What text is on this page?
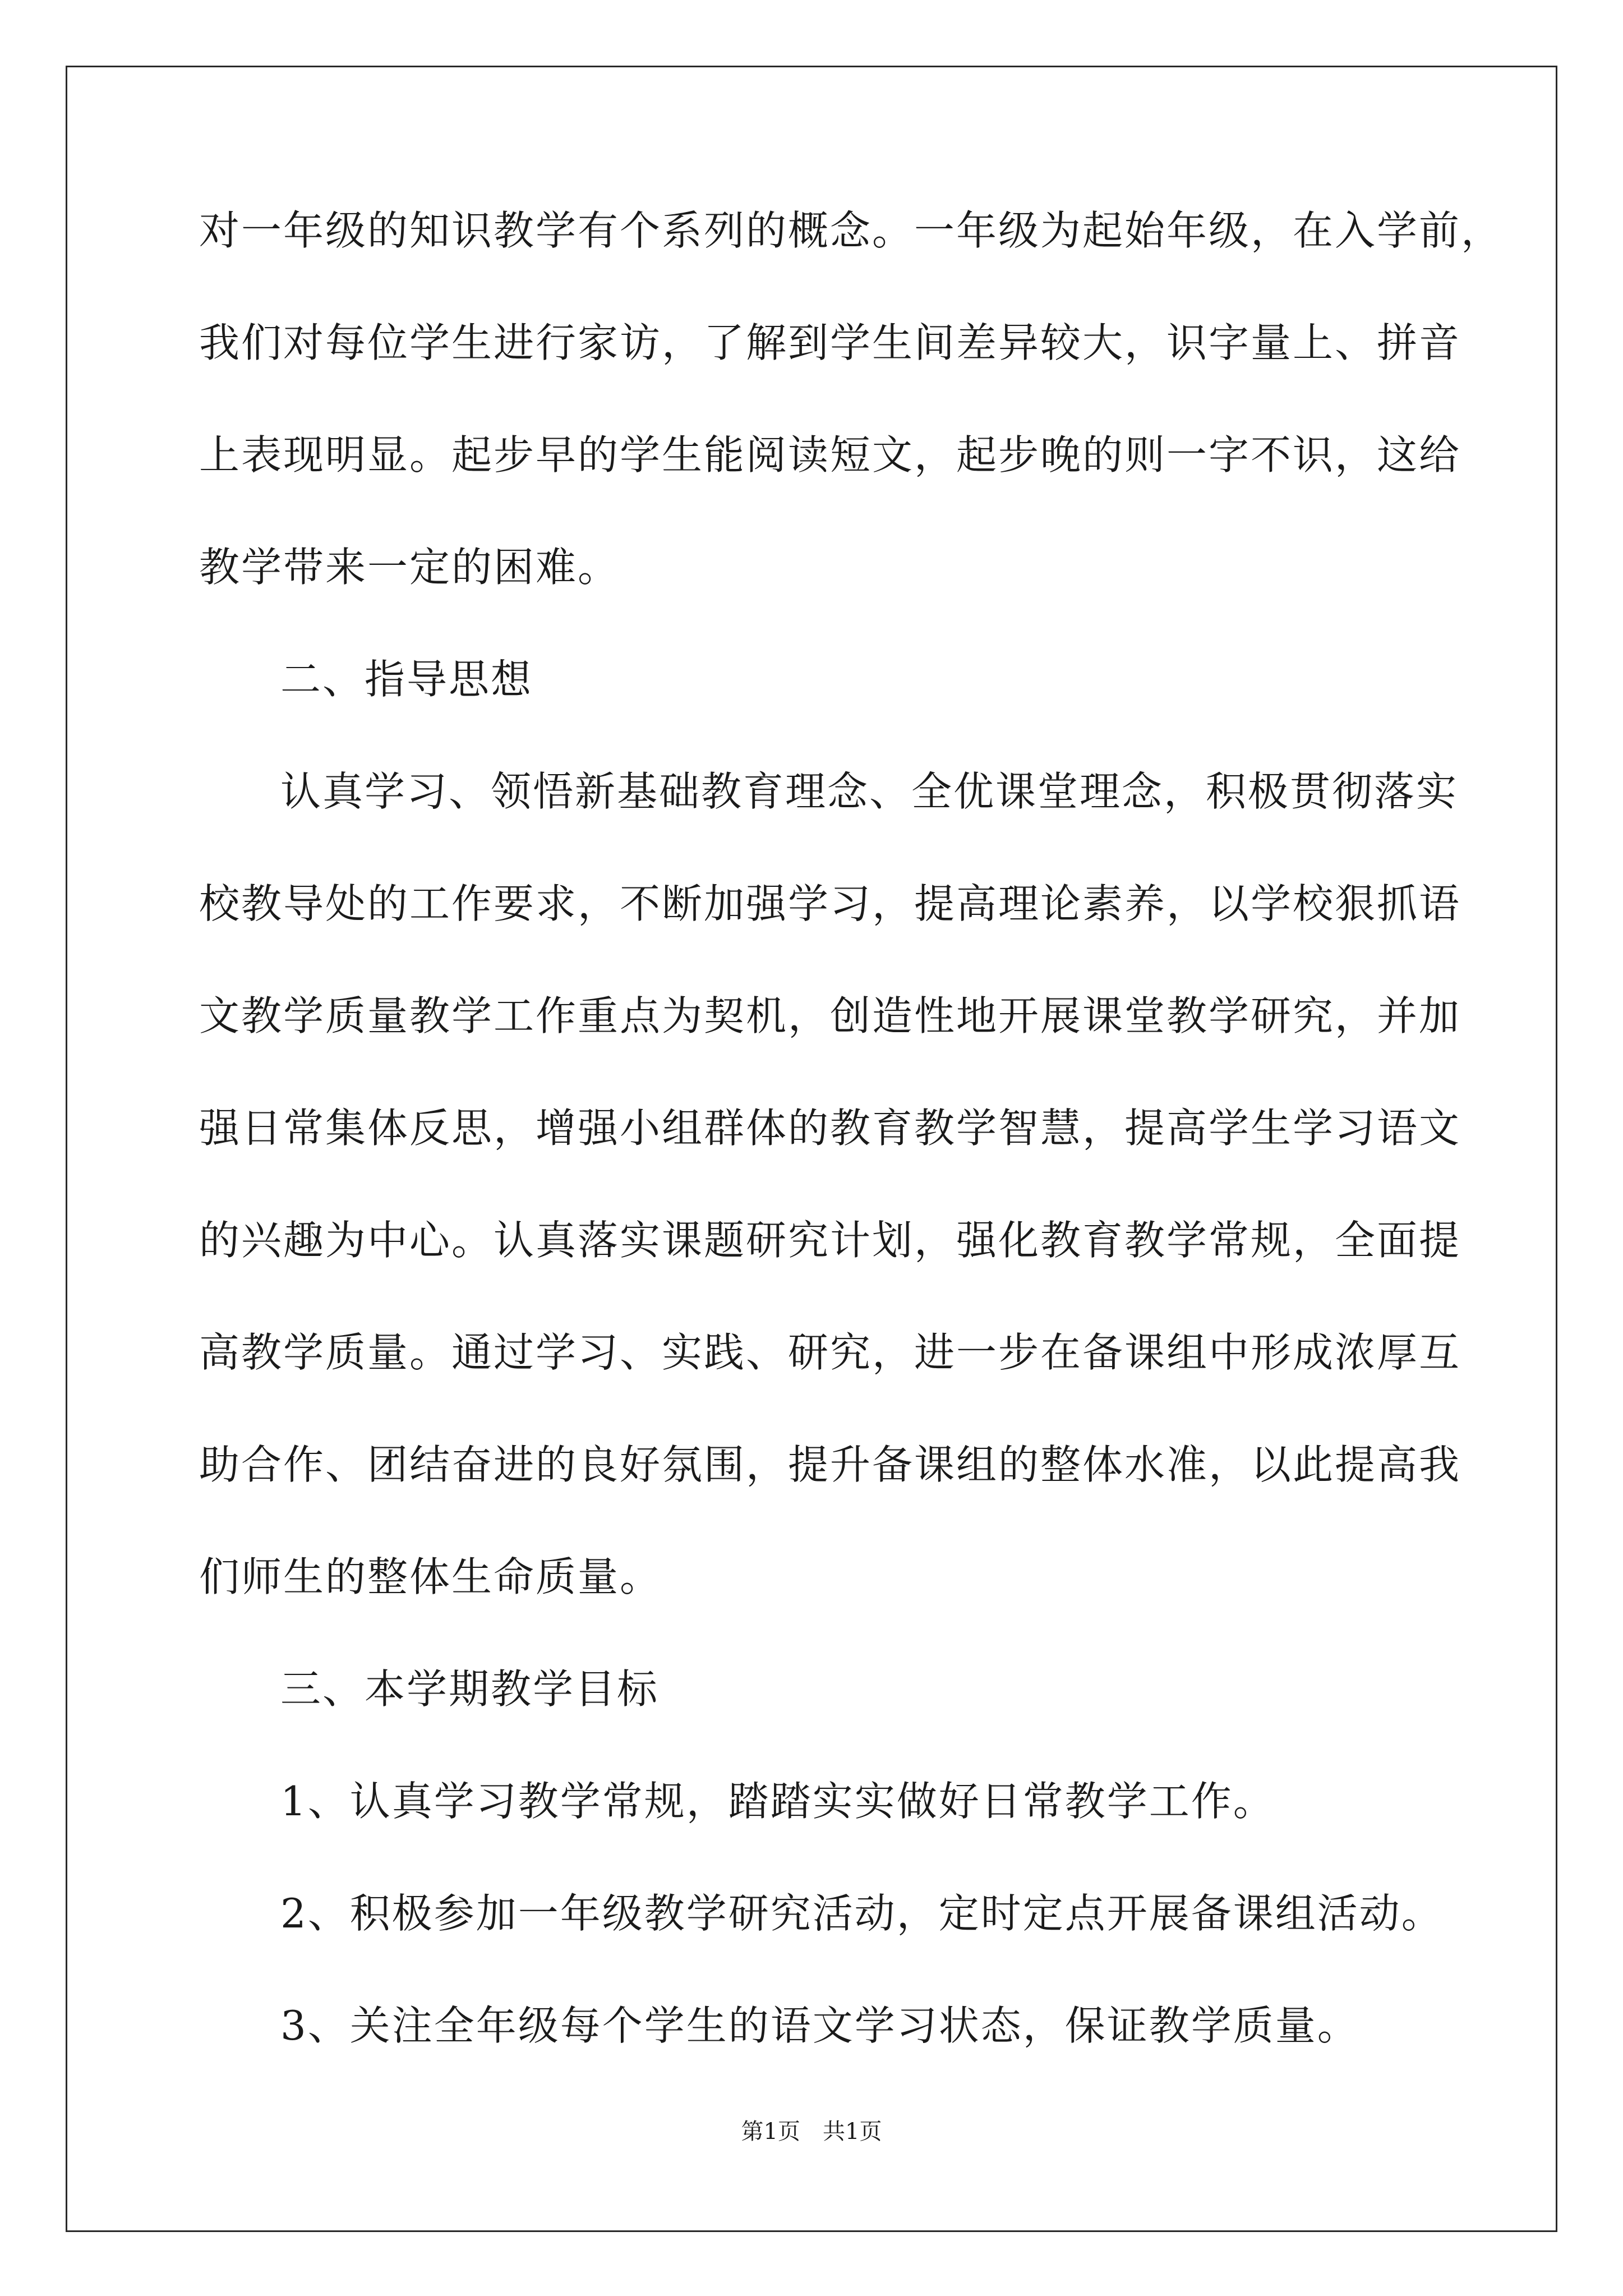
对一年级的知识教学有个系列的概念。一年级为起始年级，在入学前，

我们对每位学生进行家访，了解到学生间差异较大，识字量上、拼音

上表现明显。起步早的学生能阅读短文，起步晚的则一字不识，这给

教学带来一定的困难。

二、指导思想

认真学习、领悟新基础教育理念、全优课堂理念，积极贯彻落实

校教导处的工作要求，不断加强学习，提高理论素养，以学校狠抓语

文教学质量教学工作重点为契机，创造性地开展课堂教学研究，并加

强日常集体反思，增强小组群体的教育教学智慧，提高学生学习语文

的兴趣为中心。认真落实课题研究计划，强化教育教学常规，全面提

高教学质量。通过学习、实践、研究，进一步在备课组中形成浓厚互

助合作、团结奋进的良好氛围，提升备课组的整体水准，以此提高我

们师生的整体生命质量。

三、本学期教学目标

1、认真学习教学常规，踏踏实实做好日常教学工作。

2、积极参加一年级教学研究活动，定时定点开展备课组活动。

3、关注全年级每个学生的语文学习状态，保证教学质量。

第1页　共1页
